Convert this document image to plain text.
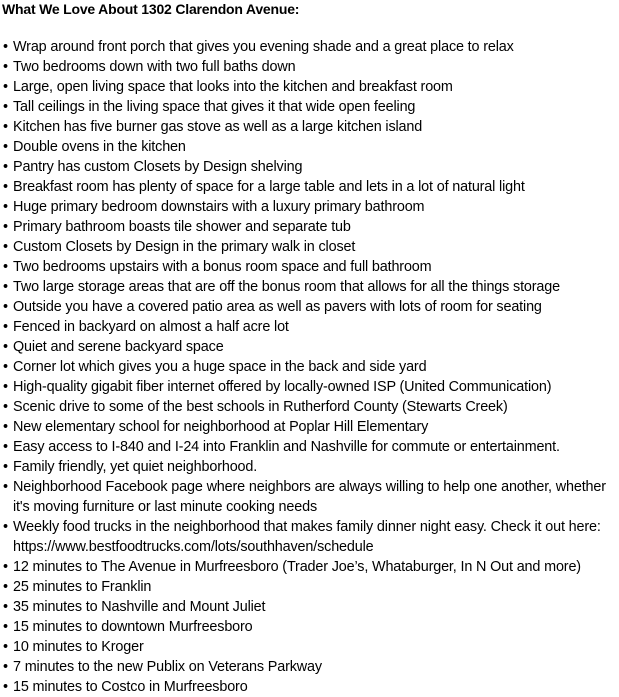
What We Love About 1302 Clarendon Avenue:
• Wrap around front porch that gives you evening shade and a great place to relax
• Two bedrooms down with two full baths down
• Large, open living space that looks into the kitchen and breakfast room
• Tall ceilings in the living space that gives it that wide open feeling
• Kitchen has five burner gas stove as well as a large kitchen island
• Double ovens in the kitchen
• Pantry has custom Closets by Design shelving
• Breakfast room has plenty of space for a large table and lets in a lot of natural light
• Huge primary bedroom downstairs with a luxury primary bathroom
• Primary bathroom boasts tile shower and separate tub
• Custom Closets by Design in the primary walk in closet
• Two bedrooms upstairs with a bonus room space and full bathroom
• Two large storage areas that are off the bonus room that allows for all the things storage
• Outside you have a covered patio area as well as pavers with lots of room for seating
• Fenced in backyard on almost a half acre lot
• Quiet and serene backyard space
• Corner lot which gives you a huge space in the back and side yard
• High-quality gigabit fiber internet offered by locally-owned ISP (United Communication)
• Scenic drive to some of the best schools in Rutherford County (Stewarts Creek)
• New elementary school for neighborhood at Poplar Hill Elementary
• Easy access to I-840 and I-24 into Franklin and Nashville for commute or entertainment.
• Family friendly, yet quiet neighborhood.
• Neighborhood Facebook page where neighbors are always willing to help one another, whether it's moving furniture or last minute cooking needs
• Weekly food trucks in the neighborhood that makes family dinner night easy. Check it out here: https://www.bestfoodtrucks.com/lots/southhaven/schedule
• 12 minutes to The Avenue in Murfreesboro (Trader Joe’s, Whataburger, In N Out and more)
• 25 minutes to Franklin
• 35 minutes to Nashville and Mount Juliet
• 15 minutes to downtown Murfreesboro
• 10 minutes to Kroger
• 7 minutes to the new Publix on Veterans Parkway
• 15 minutes to Costco in Murfreesboro
